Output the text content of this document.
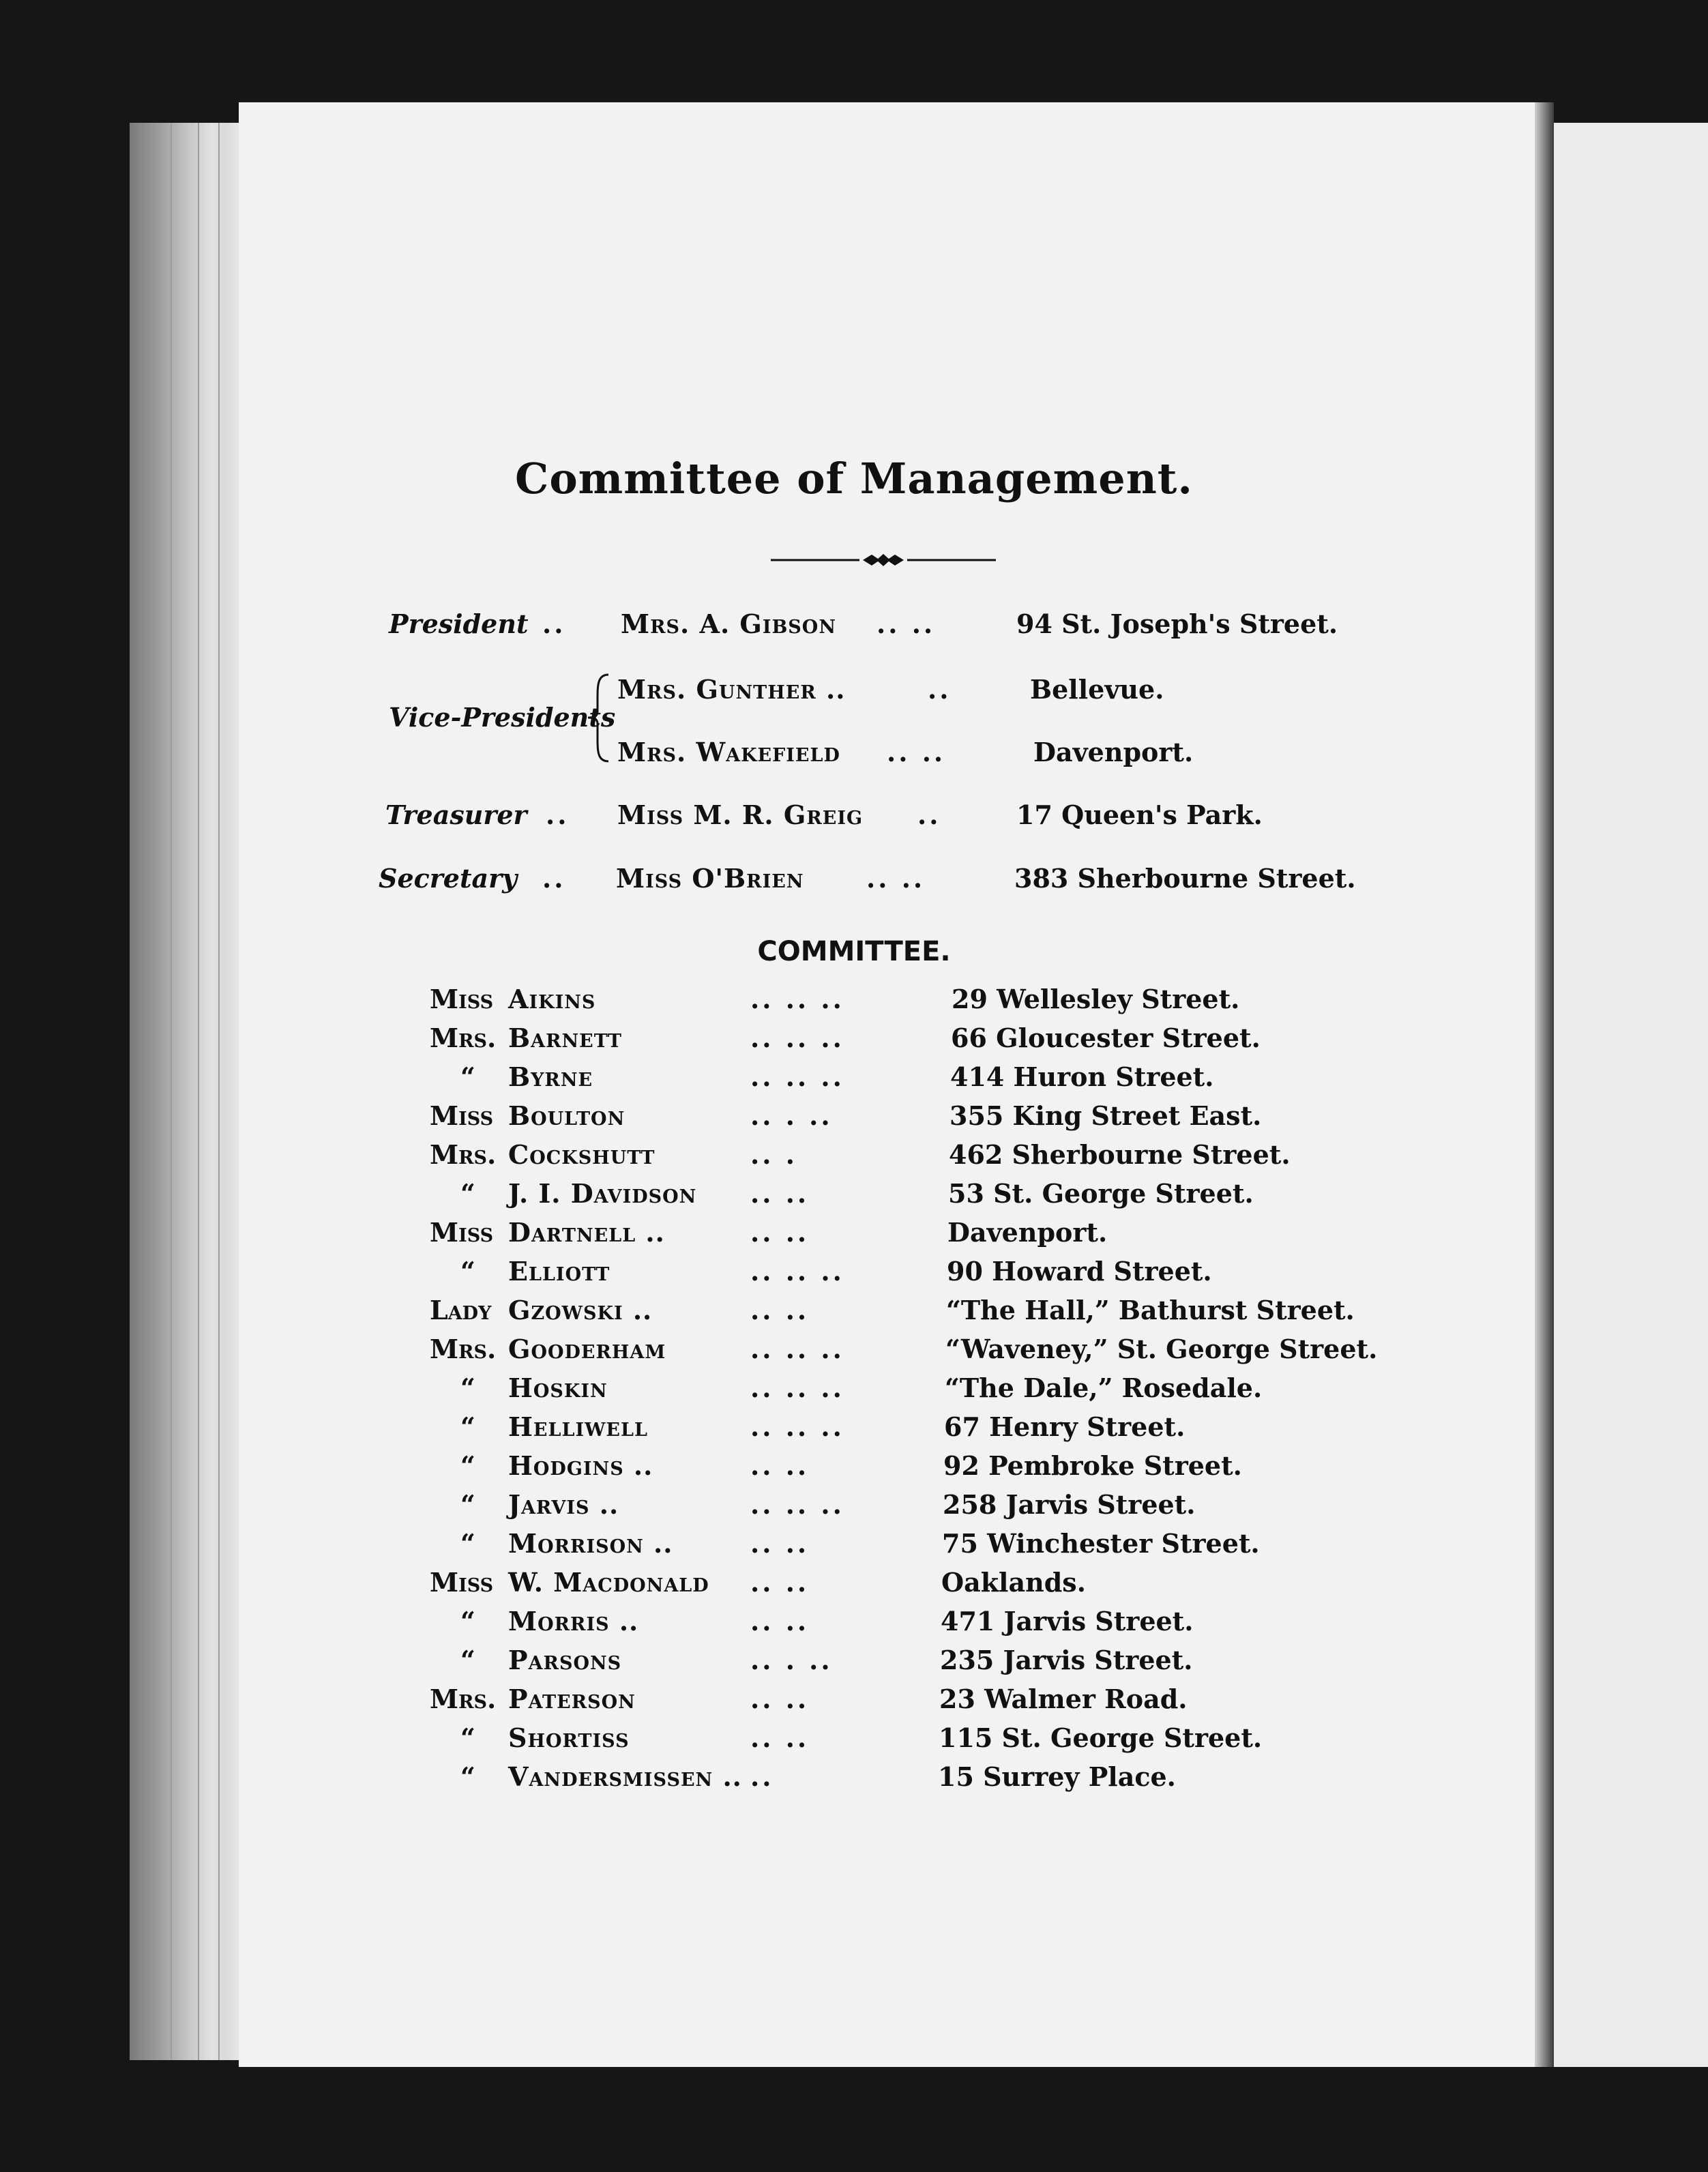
Committee of Management.
President .. Mrs. A. Gibson .. ..	94 St. Joseph's Street.
Vice-Presidents
Mrs. Gunther ..	..	Bellevue.
Mrs. Wakefield .. ..	Davenport.
Treasurer .. Miss M. R. Greig ..	17 Queen's Park.
Secretary .. Miss O'Brien .. ..	383 Sherbourne Street.
COMMITTEE.
Miss Aikins	.. .. ..	29 Wellesley Street.
Mrs. Barnett	.. .. ..	66 Gloucester Street.
“ Byrne	.. .. ..	414 Huron Street.
Miss Boulton	.. . ..	355 King Street East.
Mrs. Cockshutt	.. .	462 Sherbourne Street.
“ J. I. Davidson .. ..	53 St. George Street.
Miss Dartnell ..	.. ..	Davenport.
“ Elliott	.. .. ..	90 Howard Street.
Lady Gzowski ..	.. ..	“The Hall,” Bathurst Street.
Mrs. Gooderham	.. .. ..	“Waveney,” St. George Street.
“ Hoskin	.. .. ..	“The Dale,” Rosedale.
“ Helliwell	.. .. ..	67 Henry Street.
“ Hodgins ..	.. ..	92 Pembroke Street.
“ Jarvis ..	.. .. ..	258 Jarvis Street.
“ Morrison ..	.. ..	75 Winchester Street.
Miss W. Macdonald .. ..	Oaklands.
“ Morris ..	.. ..	471 Jarvis Street.
“ Parsons	.. . ..	235 Jarvis Street.
Mrs. Paterson	.. ..	23 Walmer Road.
“ Shortiss	.. ..	115 St. George Street.
“ Vandersmissen .. ..	15 Surrey Place.
